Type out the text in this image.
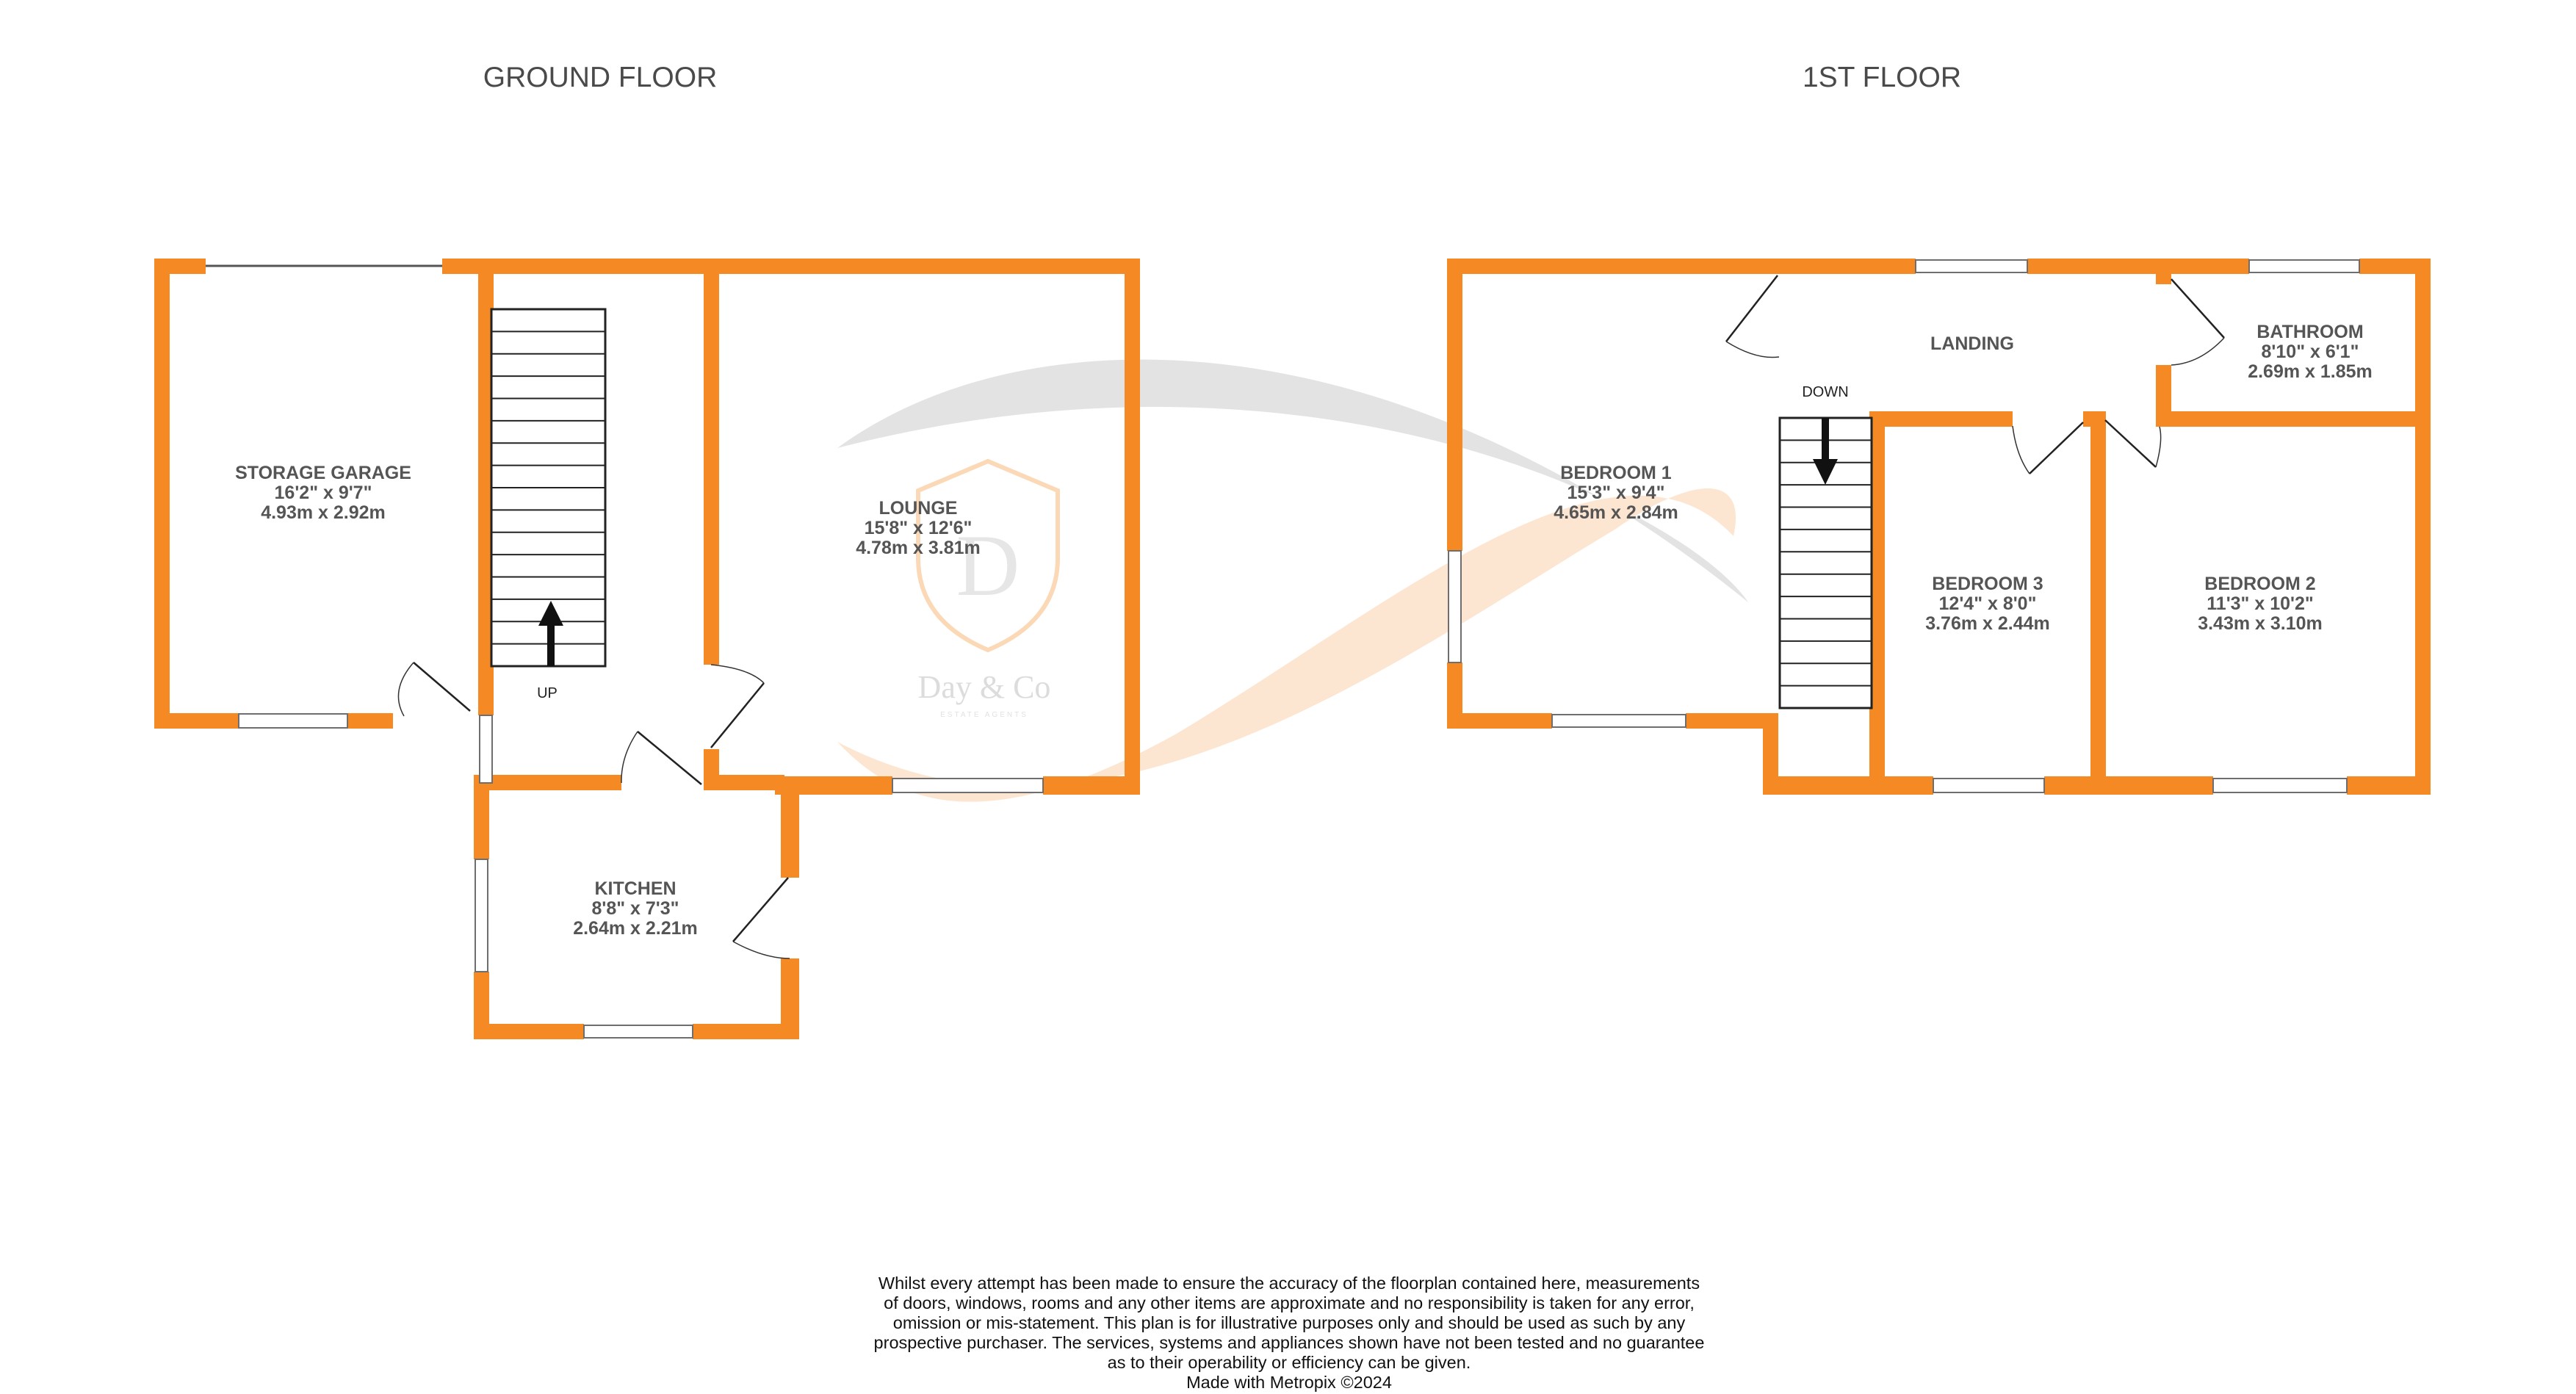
D
Day & Co
ESTATE AGENTS
GROUND FLOOR	1ST FLOOR
UP
STORAGE GARAGE
16'2" x 9'7"
4.93m x 2.92m	LOUNGE
15'8" x 12'6"
4.78m x 3.81m
KITCHEN
8'8" x 7'3"
2.64m x 2.21m
DOWN
LANDING
BATHROOM
8'10" x 6'1"
2.69m x 1.85m
BEDROOM 1
15'3" x 9'4"
4.65m x 2.84m
BEDROOM 3
12'4" x 8'0"
3.76m x 2.44m
BEDROOM 2
11'3" x 10'2"
3.43m x 3.10m
Whilst every attempt has been made to ensure the accuracy of the floorplan contained here, measurements
of doors, windows, rooms and any other items are approximate and no responsibility is taken for any error,
omission or mis-statement. This plan is for illustrative purposes only and should be used as such by any
prospective purchaser. The services, systems and appliances shown have not been tested and no guarantee
as to their operability or efficiency can be given.
Made with Metropix ©2024
